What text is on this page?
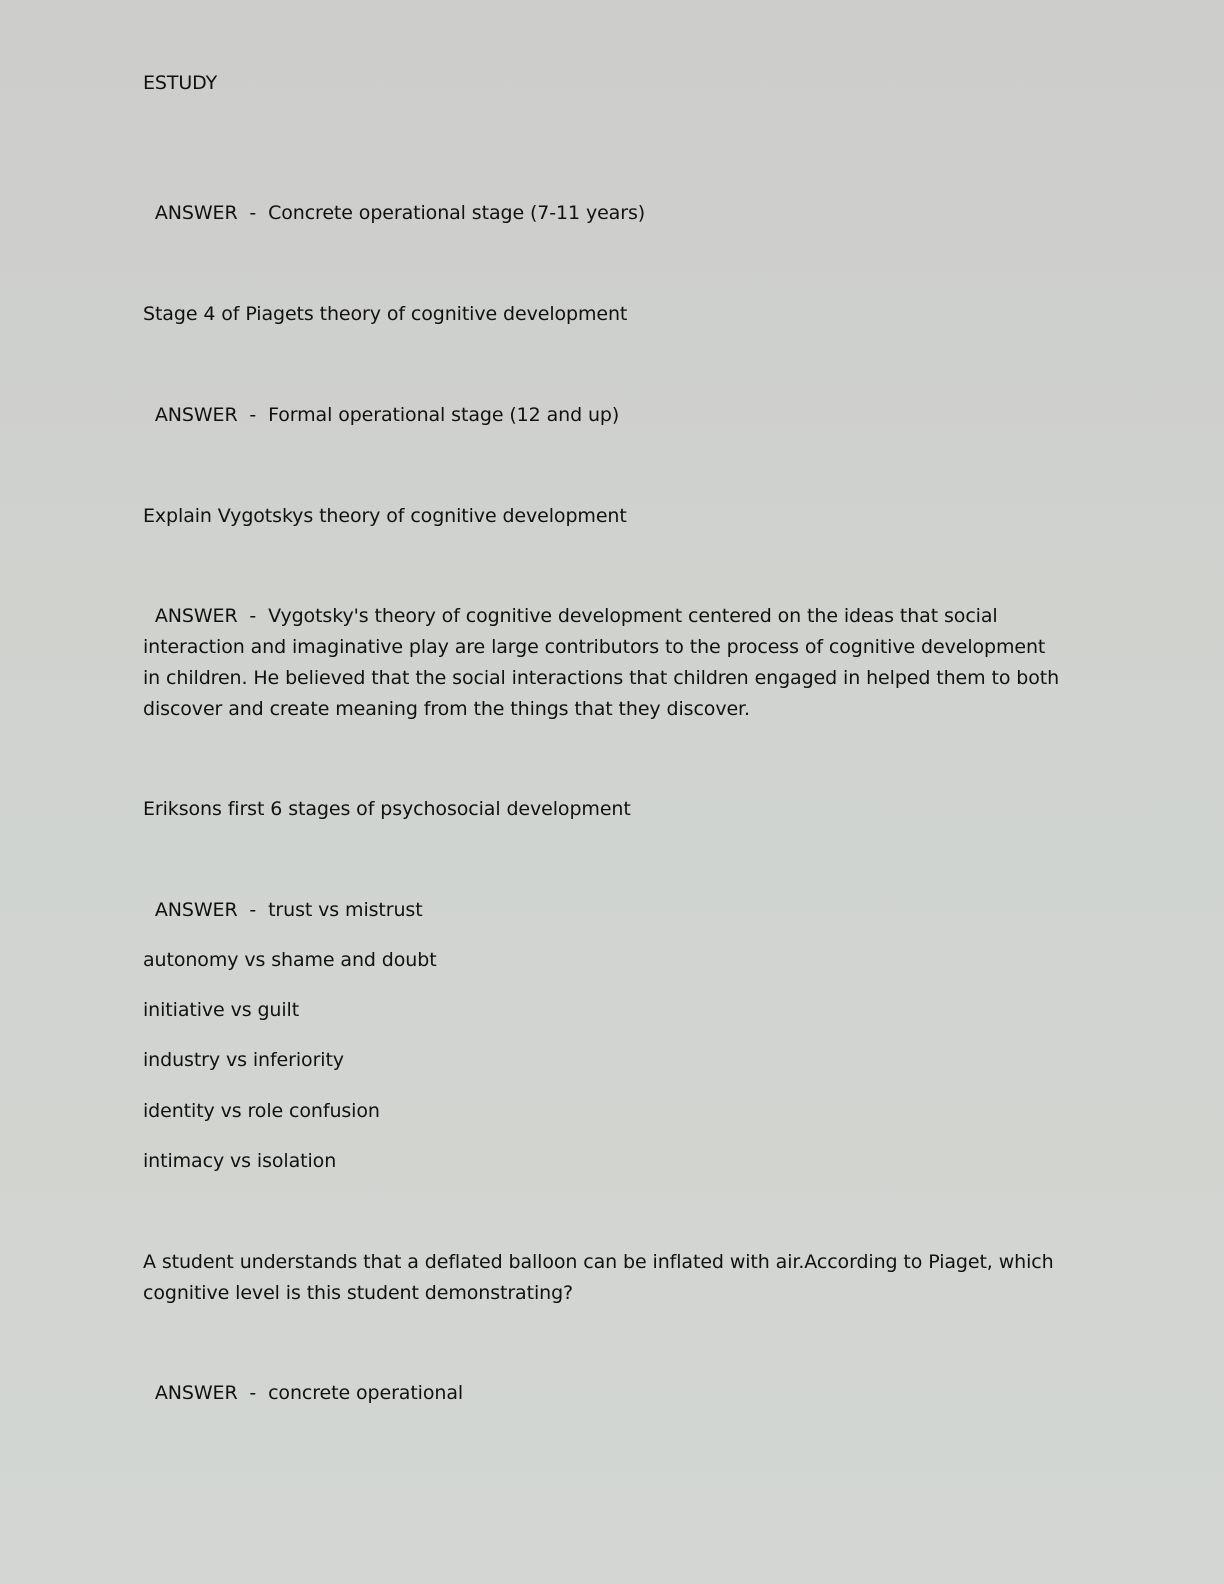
ESTUDY
ANSWER  -  Concrete operational stage (7-11 years)
Stage 4 of Piagets theory of cognitive development
ANSWER  -  Formal operational stage (12 and up)
Explain Vygotskys theory of cognitive development
ANSWER  -  Vygotsky's theory of cognitive development centered on the ideas that social interaction and imaginative play are large contributors to the process of cognitive development in children. He believed that the social interactions that children engaged in helped them to both discover and create meaning from the things that they discover.
Eriksons first 6 stages of psychosocial development
ANSWER  -  trust vs mistrust
autonomy vs shame and doubt
initiative vs guilt
industry vs inferiority
identity vs role confusion
intimacy vs isolation
A student understands that a deflated balloon can be inflated with air.According to Piaget, which cognitive level is this student demonstrating?
ANSWER  -  concrete operational
